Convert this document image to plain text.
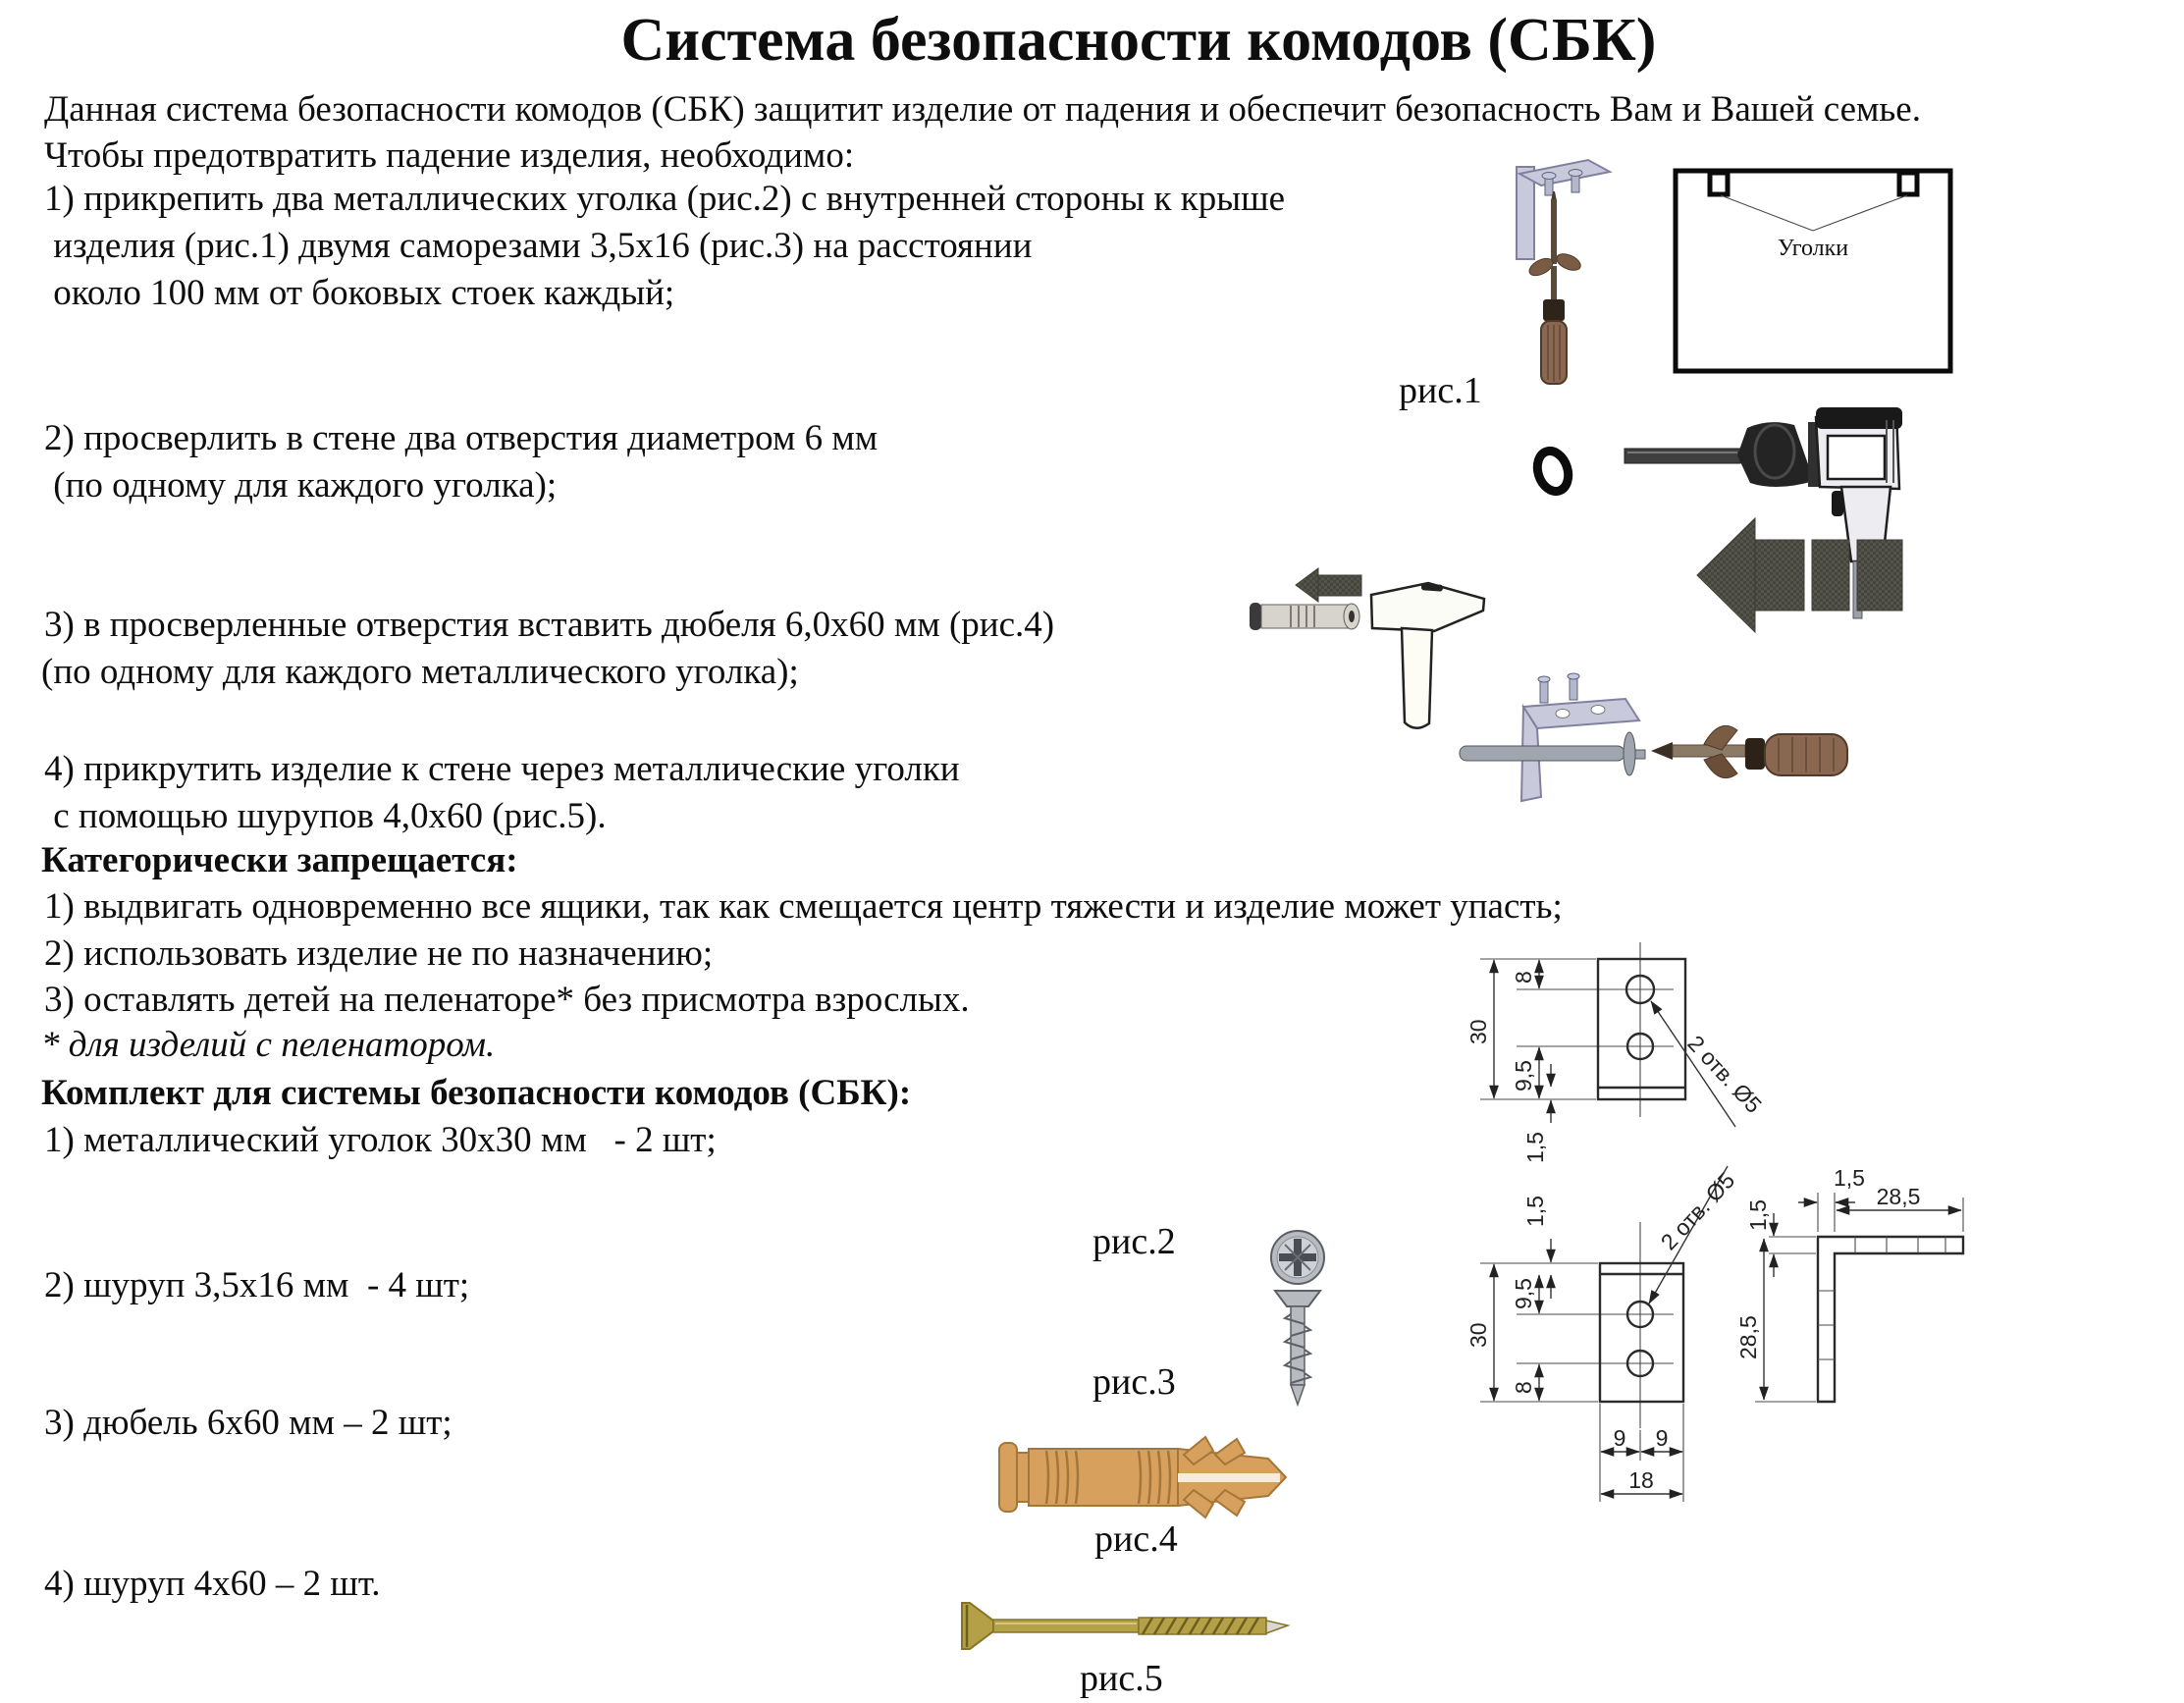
Система безопасности комодов (СБК)
Данная система безопасности комодов (СБК) защитит изделие от падения и обеспечит безопасность Вам и Вашей семье.
Чтобы предотвратить падение изделия, необходимо:
1) прикрепить два металлических уголка (рис.2) с внутренней стороны к крыше
изделия (рис.1) двумя саморезами 3,5х16 (рис.3) на расстоянии
около 100 мм от боковых стоек каждый;
2) просверлить в стене два отверстия диаметром 6 мм
(по одному для каждого уголка);
3) в просверленные отверстия вставить дюбеля 6,0х60 мм (рис.4)
(по одному для каждого металлического уголка);
4) прикрутить изделие к стене через металлические уголки
с помощью шурупов 4,0х60 (рис.5).
Категорически запрещается:
1) выдвигать одновременно все ящики, так как смещается центр тяжести и изделие может упасть;
2) использовать изделие не по назначению;
3) оставлять детей на пеленаторе* без присмотра взрослых.
* для изделий с пеленатором.
Комплект для системы безопасности комодов (СБК):
1) металлический уголок 30х30 мм   - 2 шт;
2) шуруп 3,5х16 мм  - 4 шт;
3) дюбель 6х60 мм – 2 шт;
4) шуруп 4х60 – 2 шт.
рис.1
рис.2
рис.3
рис.4
рис.5
Уголки
30
8
9,5
1,5
2 отв. Ø5
1,5
9,5
30
8
2 отв. Ø5
9 9
18
1,5
28,5
1,5
28,5
